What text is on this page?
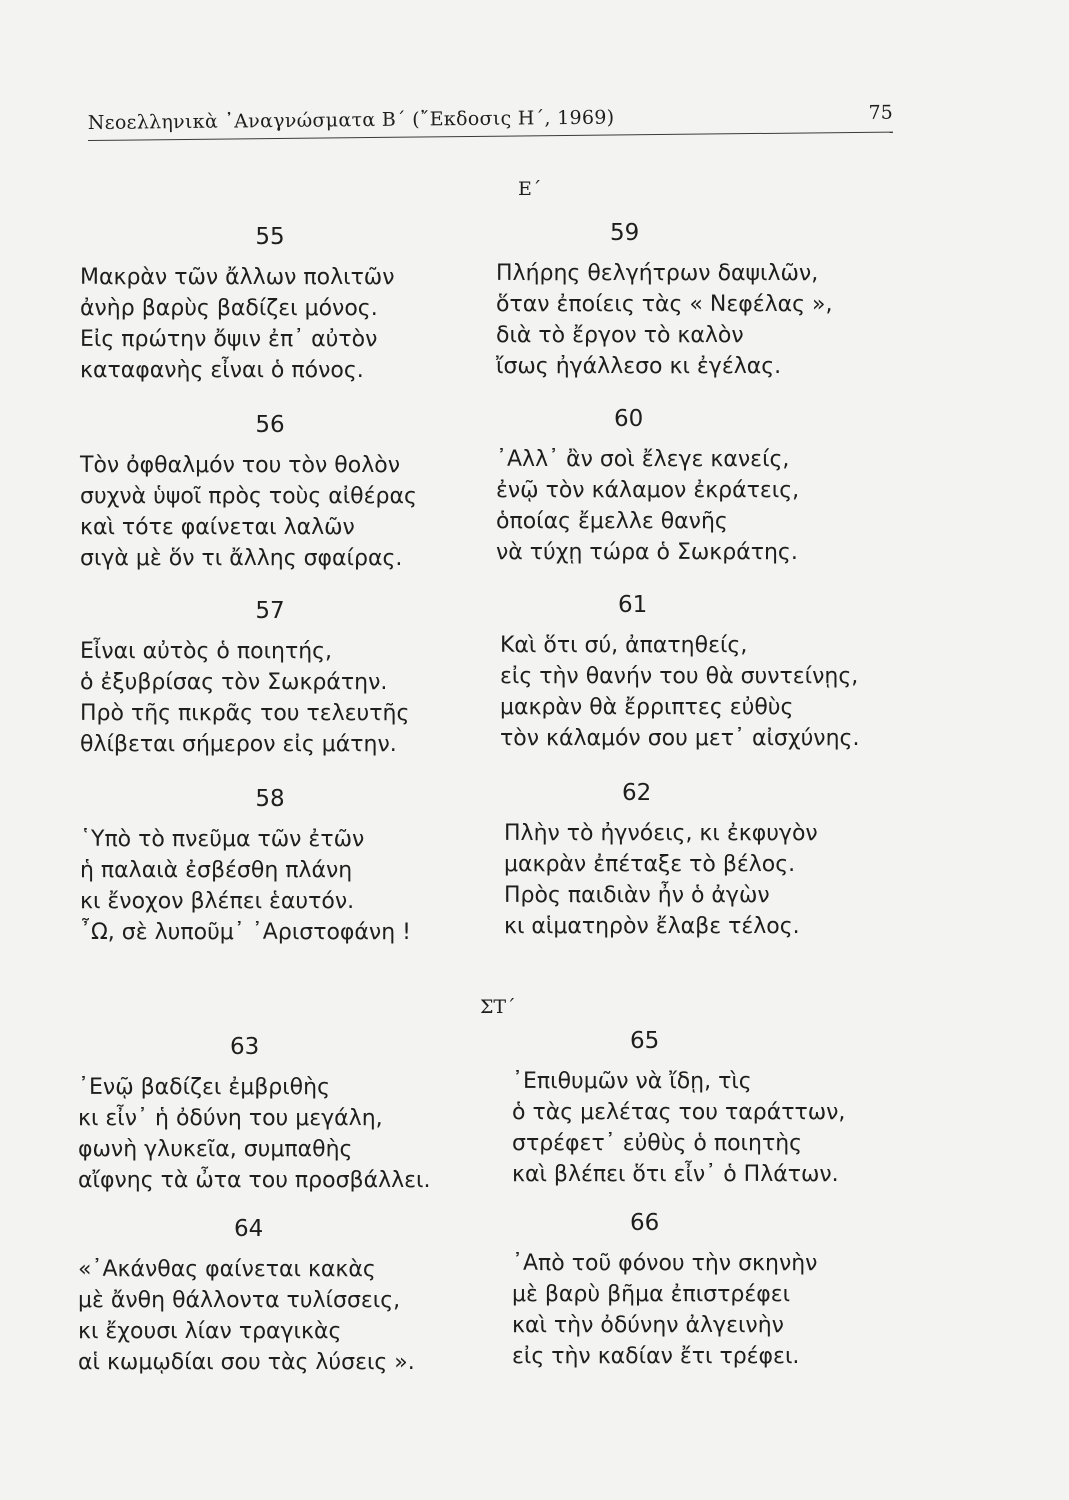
Νεοελληνικὰ ᾿Αναγνώσματα Β΄ (῎Εκδοσις Η΄, 1969)	75
Ε΄
55
Μακρὰν τῶν ἄλλων πολιτῶν
ἀνὴρ βαρὺς βαδίζει μόνος.
Εἰς πρώτην ὄψιν ἐπ᾿ αὐτὸν
καταφανὴς εἶναι ὁ πόνος.
56
Τὸν ὀφθαλμόν του τὸν θολὸν
συχνὰ ὑψοῖ πρὸς τοὺς αἰθέρας
καὶ τότε φαίνεται λαλῶν
σιγὰ μὲ ὅν τι ἄλλης σφαίρας.
57
Εἶναι αὐτὸς ὁ ποιητής,
ὁ ἐξυβρίσας τὸν Σωκράτην.
Πρὸ τῆς πικρᾶς του τελευτῆς
θλίβεται σήμερον εἰς μάτην.
58
῾Υπὸ τὸ πνεῦμα τῶν ἐτῶν
ἡ παλαιὰ ἐσβέσθη πλάνη
κι ἔνοχον βλέπει ἑαυτόν.
῏Ω, σὲ λυποῦμ᾿ ᾿Αριστοφάνη !
59
Πλήρης θελγήτρων δαψιλῶν,
ὅταν ἐποίεις τὰς « Νεφέλας »,
διὰ τὸ ἔργον τὸ καλὸν
ἴσως ἠγάλλεσο κι ἐγέλας.
60
᾿Αλλ᾿ ἂν σοὶ ἔλεγε κανείς,
ἐνῷ τὸν κάλαμον ἐκράτεις,
ὁποίας ἔμελλε θανῆς
νὰ τύχῃ τώρα ὁ Σωκράτης.
61
Καὶ ὅτι σύ, ἀπατηθείς,
εἰς τὴν θανήν του θὰ συντείνῃς,
μακρὰν θὰ ἔρριπτες εὐθὺς
τὸν κάλαμόν σου μετ᾿ αἰσχύνης.
62
Πλὴν τὸ ἠγνόεις, κι ἐκφυγὸν
μακρὰν ἐπέταξε τὸ βέλος.
Πρὸς παιδιὰν ἦν ὁ ἀγὼν
κι αἱματηρὸν ἔλαβε τέλος.
ΣΤ΄
63
᾿Ενῷ βαδίζει ἐμβριθὴς
κι εἶν᾿ ἡ ὀδύνη του μεγάλη,
φωνὴ γλυκεῖα, συμπαθὴς
αἴφνης τὰ ὦτα του προσβάλλει.
64
«᾿Ακάνθας φαίνεται κακὰς
μὲ ἄνθη θάλλοντα τυλίσσεις,
κι ἔχουσι λίαν τραγικὰς
αἱ κωμῳδίαι σου τὰς λύσεις ».
65
᾿Επιθυμῶν νὰ ἴδῃ, τὶς
ὁ τὰς μελέτας του ταράττων,
στρέφετ᾿ εὐθὺς ὁ ποιητὴς
καὶ βλέπει ὅτι εἶν᾿ ὁ Πλάτων.
66
᾿Απὸ τοῦ φόνου τὴν σκηνὴν
μὲ βαρὺ βῆμα ἐπιστρέφει
καὶ τὴν ὀδύνην ἀλγεινὴν
εἰς τὴν καδίαν ἔτι τρέφει.
